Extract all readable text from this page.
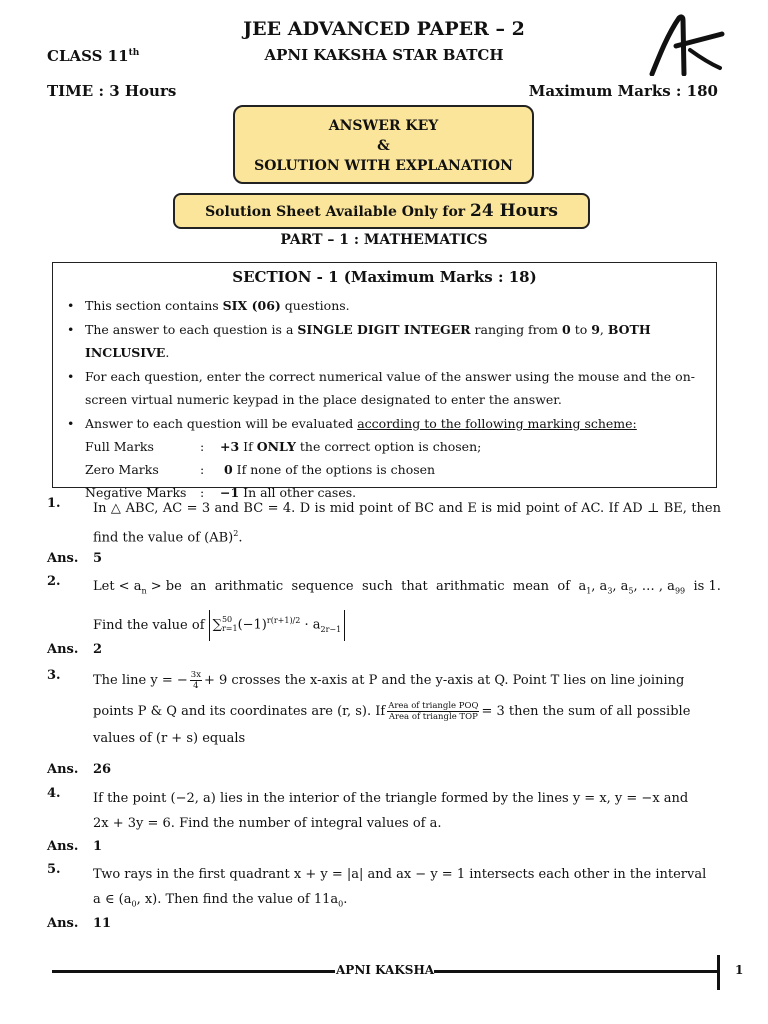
JEE ADVANCED PAPER – 2
APNI KAKSHA STAR BATCH
CLASS 11th
TIME : 3 Hours	Maximum Marks : 180
ANSWER KEY
&
SOLUTION WITH EXPLANATION
Solution Sheet Available Only for 24 Hours
PART – 1 : MATHEMATICS
SECTION - 1 (Maximum Marks : 18)
• This section contains SIX (06) questions.
• The answer to each question is a SINGLE DIGIT INTEGER ranging from 0 to 9, BOTH INCLUSIVE.
• For each question, enter the correct numerical value of the answer using the mouse and the on-screen virtual numeric keypad in the place designated to enter the answer.
• Answer to each question will be evaluated according to the following marking scheme:
Full Marks	:	+3 If ONLY the correct option is chosen;
Zero Marks	:	0 If none of the options is chosen
Negative Marks	:	−1 In all other cases.
1. In △ ABC, AC = 3 and BC = 4. D is mid point of BC and E is mid point of AC. If AD ⊥ BE, then find the value of (AB)$^2$.
Ans. 5
2. Let < $a_n$ > be an arithmatic sequence such that arithmatic mean of $a_1$, $a_3$, $a_5$, … , $a_{99}$ is 1.
Find the value of ∑ 50
r=1 $(-1)^{r(r+1)/2} \cdot a_{2r-1}$
Ans. 2
3. The line y = − $\frac{3x}{4} + 9$ crosses the x-axis at P and the y-axis at Q. Point T lies on line joining
points P & Q and its coordinates are (r, s). If $\frac{\text{Area of triangle POQ}}{\text{Area of triangle TOP}} = 3$ then the sum of all possible
values of (r + s) equals
Ans. 26
4. If the point (−2, a) lies in the interior of the triangle formed by the lines y = x, y = −x and
2x + 3y = 6. Find the number of integral values of a.
Ans. 1
5. Two rays in the first quadrant x + y = |a| and ax − y = 1 intersects each other in the interval
a ∈ ($a_0$, x). Then find the value of $11a_0$.
Ans. 11
APNI KAKSHA	1
